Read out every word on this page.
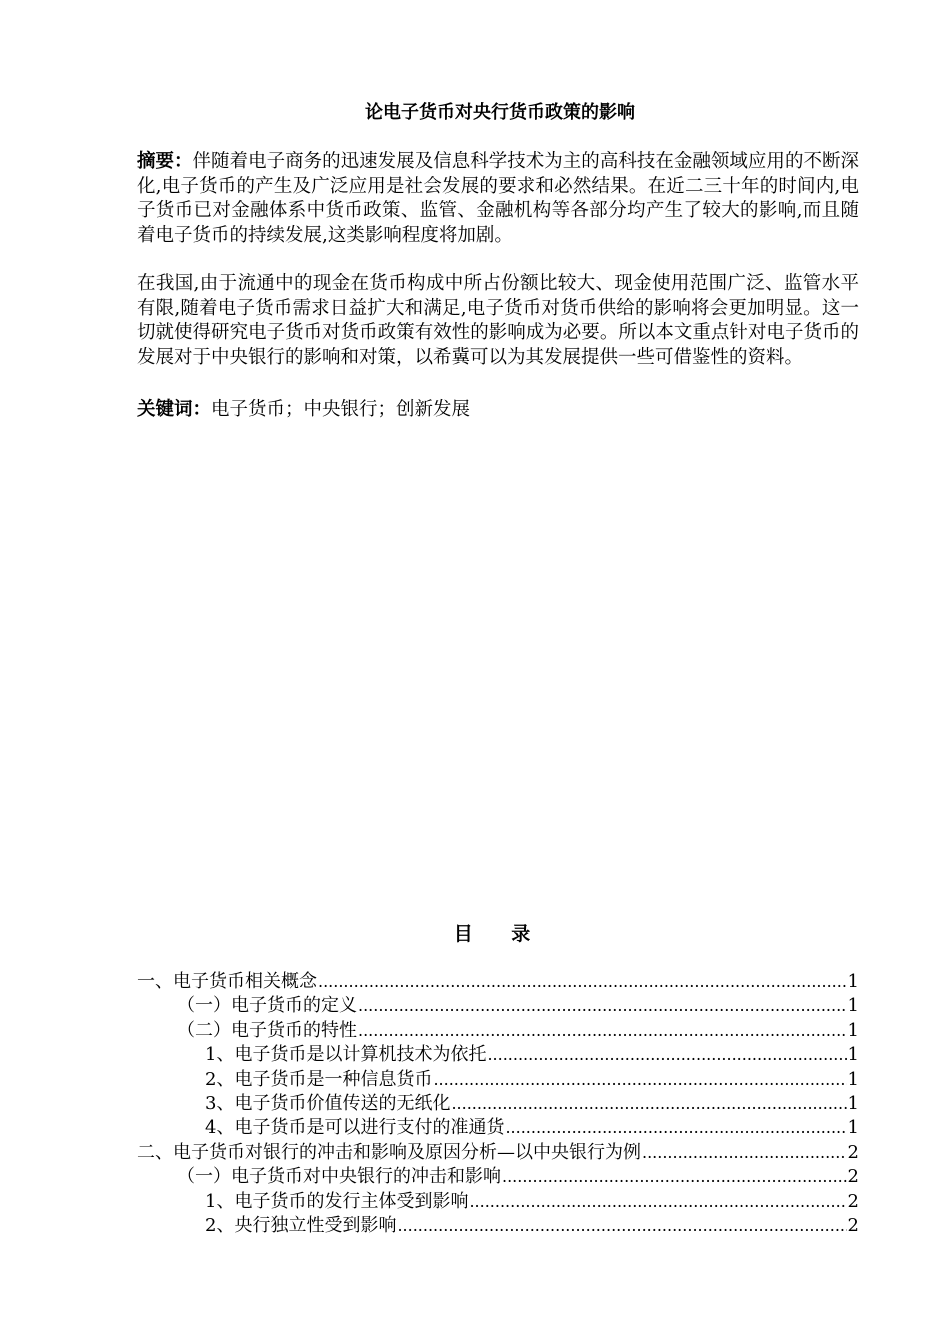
论电子货币对央行货币政策的影响
摘要：伴随着电子商务的迅速发展及信息科学技术为主的高科技在金融领域应用的不断深化,电子货币的产生及广泛应用是社会发展的要求和必然结果。在近二三十年的时间内,电子货币已对金融体系中货币政策、监管、金融机构等各部分均产生了较大的影响,而且随着电子货币的持续发展,这类影响程度将加剧。
在我国,由于流通中的现金在货币构成中所占份额比较大、现金使用范围广泛、监管水平有限,随着电子货币需求日益扩大和满足,电子货币对货币供给的影响将会更加明显。这一切就使得研究电子货币对货币政策有效性的影响成为必要。所以本文重点针对电子货币的发展对于中央银行的影响和对策，以希冀可以为其发展提供一些可借鉴性的资料。
关键词：电子货币；中央银行；创新发展
目 录
一、电子货币相关概念 .....	1
（一）电子货币的定义 .....	1
（二）电子货币的特性 .....	1
1、电子货币是以计算机技术为依托 .....	1
2、电子货币是一种信息货币 .....	1
3、电子货币价值传送的无纸化 .....	1
4、电子货币是可以进行支付的准通货 .....	1
二、电子货币对银行的冲击和影响及原因分析—以中央银行为例 .....	2
（一）电子货币对中央银行的冲击和影响 .....	2
1、电子货币的发行主体受到影响 .....	2
2、央行独立性受到影响 .....	2
